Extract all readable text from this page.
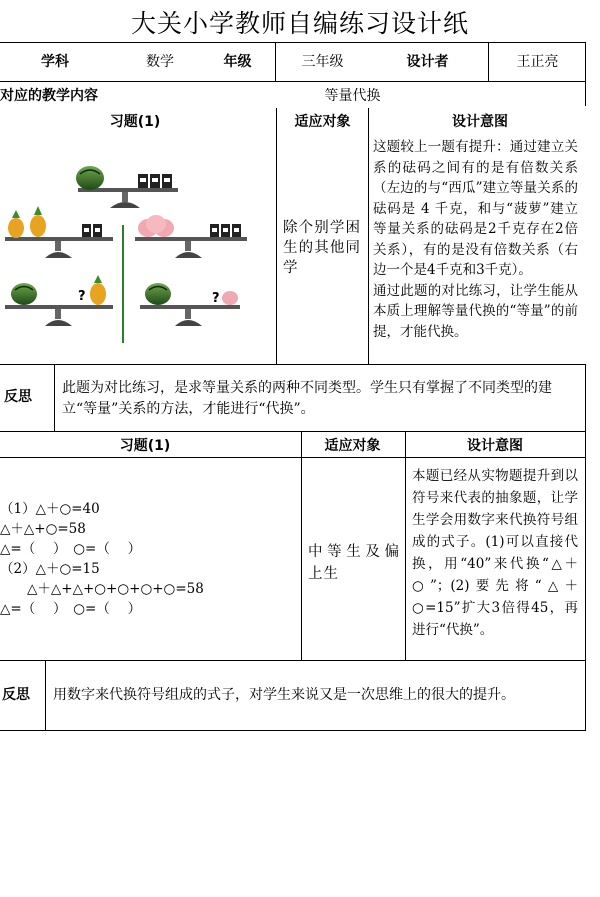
大关小学教师自编练习设计纸
学科	数学	年级	三年级	设计者	王正亮
对应的教学内容	等量代换
习题(1)	适应对象	设计意图
除个别学困生的其他同学

这题较上一题有提升：通过建立关系的砝码之间有的是有倍数关系（左边的与“西瓜”建立等量关系的砝码是 4 千克，和与“菠萝”建立等量关系的砝码是2千克存在2倍关系），有的是没有倍数关系（右边一个是4千克和3千克）。

通过此题的对比练习，让学生能从本质上理解等量代换的“等量”的前提，才能代换。

?	?
反思
此题为对比练习，是求等量关系的两种不同类型。学生只有掌握了不同类型的建立“等量”关系的方法，才能进行“代换”。
习题(1)	适应对象	设计意图
（1）△＋○=40
△＋△+○=58
△=（　 ）　○=（　 ）
（2）△＋○=15
　　△＋△+△+○+○+○+○=58
△=（　 ）　○=（　 ）
中等生及偏上生
本题已经从实物题提升到以符号来代表的抽象题，让学生学会用数字来代换符号组成的式子。(1)可以直接代换，用“40”来代换“△＋○”；(2)要先将“△＋○=15”扩大3倍得45，再进行“代换”。
反思	用数字来代换符号组成的式子，对学生来说又是一次思维上的很大的提升。
